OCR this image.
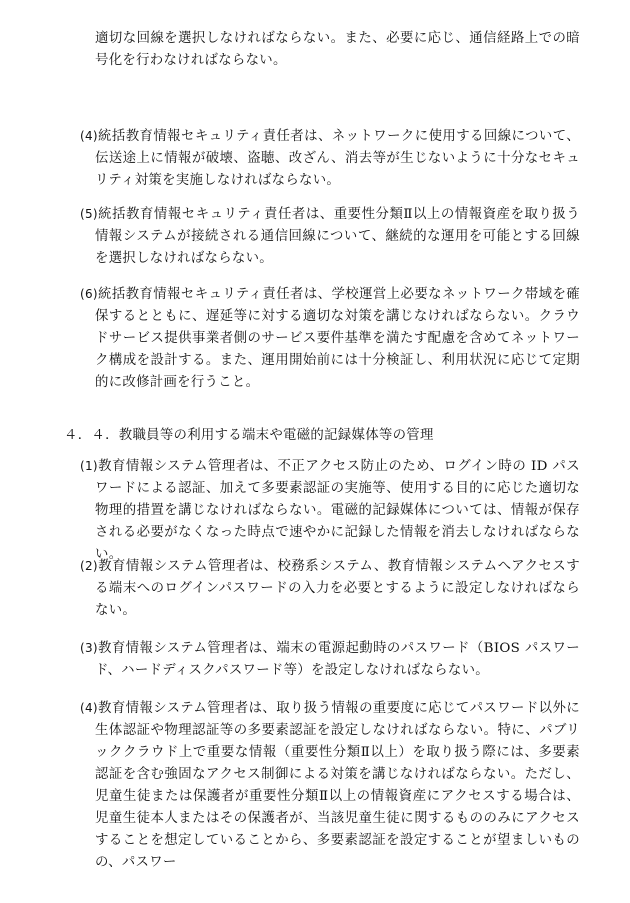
適切な回線を選択しなければならない。また、必要に応じ、通信経路上での暗号化を行わなければならない。

(4)統括教育情報セキュリティ責任者は、ネットワークに使用する回線について、伝送途上に情報が破壊、盗聴、改ざん、消去等が生じないように十分なセキュリティ対策を実施しなければならない。

(5)統括教育情報セキュリティ責任者は、重要性分類Ⅱ以上の情報資産を取り扱う情報システムが接続される通信回線について、継続的な運用を可能とする回線を選択しなければならない。

(6)統括教育情報セキュリティ責任者は、学校運営上必要なネットワーク帯域を確保するとともに、遅延等に対する適切な対策を講じなければならない。クラウドサービス提供事業者側のサービス要件基準を満たす配慮を含めてネットワーク構成を設計する。また、運用開始前には十分検証し、利用状況に応じて定期的に改修計画を行うこと。

４．４．教職員等の利用する端末や電磁的記録媒体等の管理

(1)教育情報システム管理者は、不正アクセス防止のため、ログイン時の ID パスワードによる認証、加えて多要素認証の実施等、使用する目的に応じた適切な物理的措置を講じなければならない。電磁的記録媒体については、情報が保存される必要がなくなった時点で速やかに記録した情報を消去しなければならない。

(2)教育情報システム管理者は、校務系システム、教育情報システムへアクセスする端末へのログインパスワードの入力を必要とするように設定しなければならない。

(3)教育情報システム管理者は、端末の電源起動時のパスワード（BIOS パスワード、ハードディスクパスワード等）を設定しなければならない。

(4)教育情報システム管理者は、取り扱う情報の重要度に応じてパスワード以外に生体認証や物理認証等の多要素認証を設定しなければならない。特に、パブリッククラウド上で重要な情報（重要性分類Ⅱ以上）を取り扱う際には、多要素認証を含む強固なアクセス制御による対策を講じなければならない。ただし、児童生徒または保護者が重要性分類Ⅱ以上の情報資産にアクセスする場合は、児童生徒本人またはその保護者が、当該児童生徒に関するもののみにアクセスすることを想定していることから、多要素認証を設定することが望ましいものの、パスワー
